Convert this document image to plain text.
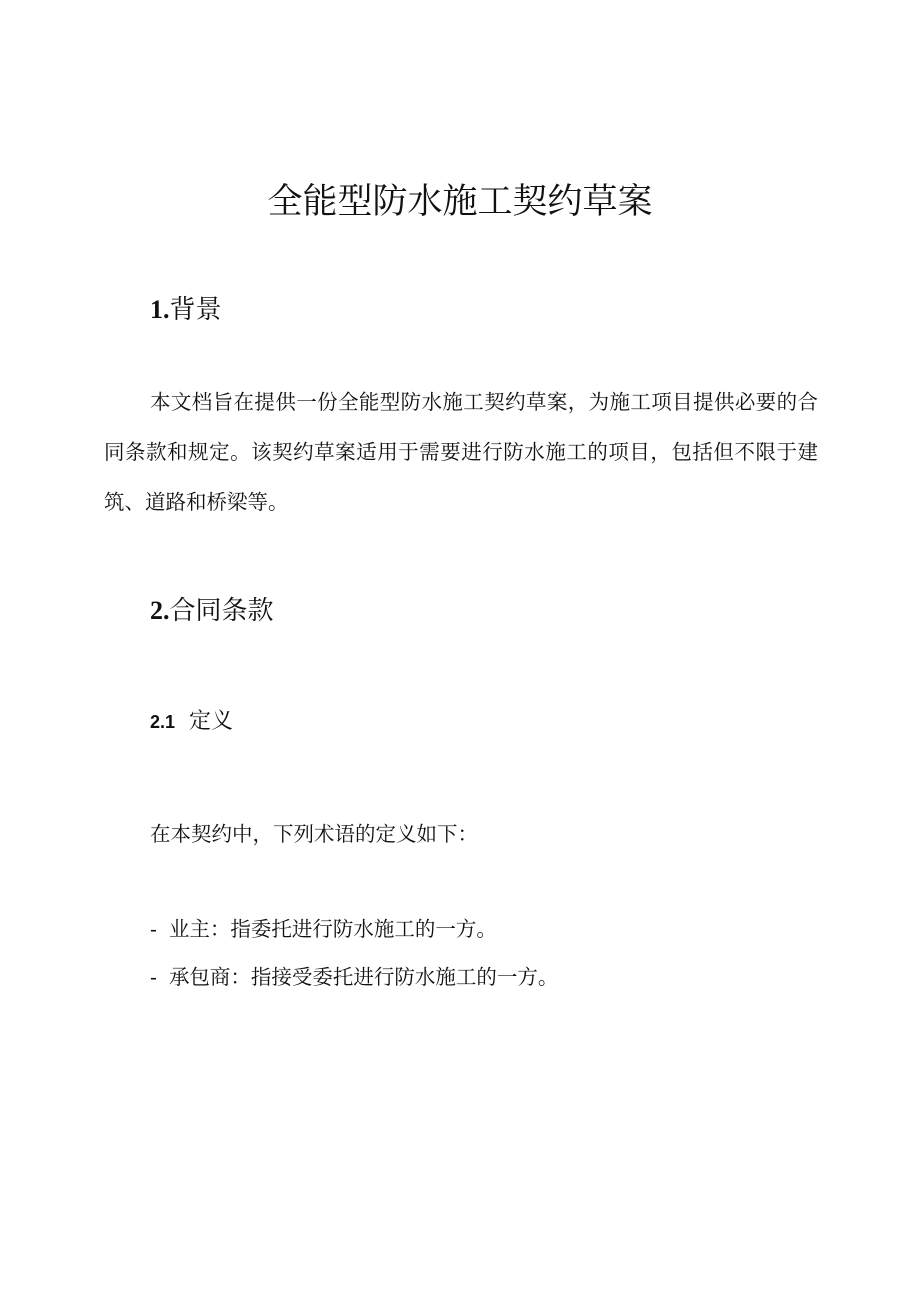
全能型防水施工契约草案
1.背景

本文档旨在提供一份全能型防水施工契约草案，为施工项目提供必要的合同条款和规定。该契约草案适用于需要进行防水施工的项目，包括但不限于建筑、道路和桥梁等。

2.合同条款
2.1 定义

在本契约中，下列术语的定义如下：

- 业主：指委托进行防水施工的一方。

- 承包商：指接受委托进行防水施工的一方。
